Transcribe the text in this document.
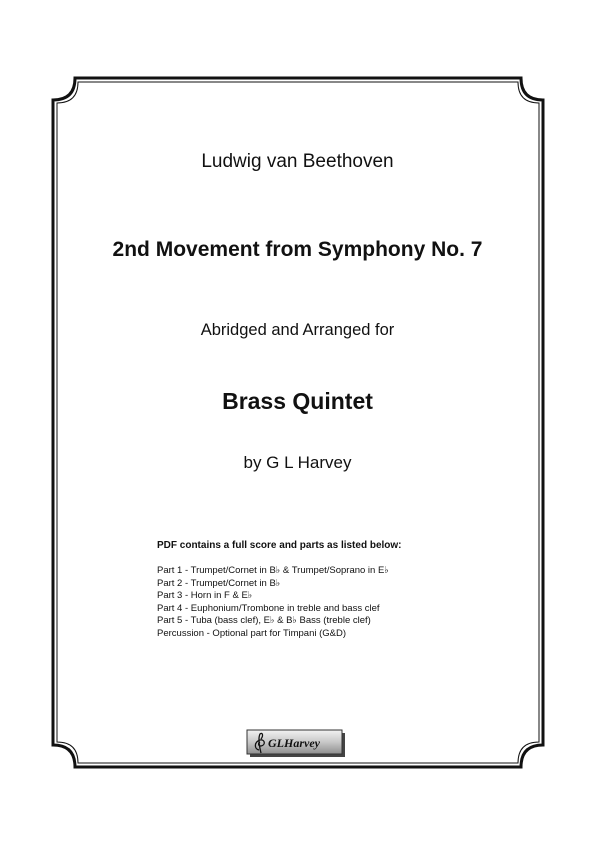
Ludwig van Beethoven
2nd Movement from Symphony No. 7
Abridged and Arranged for
Brass Quintet
by G L Harvey
PDF contains a full score and parts as listed below:
Part 1 - Trumpet/Cornet in B♭ & Trumpet/Soprano in E♭
Part 2 - Trumpet/Cornet in B♭
Part 3 - Horn in F & E♭
Part 4 - Euphonium/Trombone in treble and bass clef
Part 5 - Tuba (bass clef), E♭ & B♭ Bass (treble clef)
Percussion - Optional part for Timpani (G&D)
GLHarvey
